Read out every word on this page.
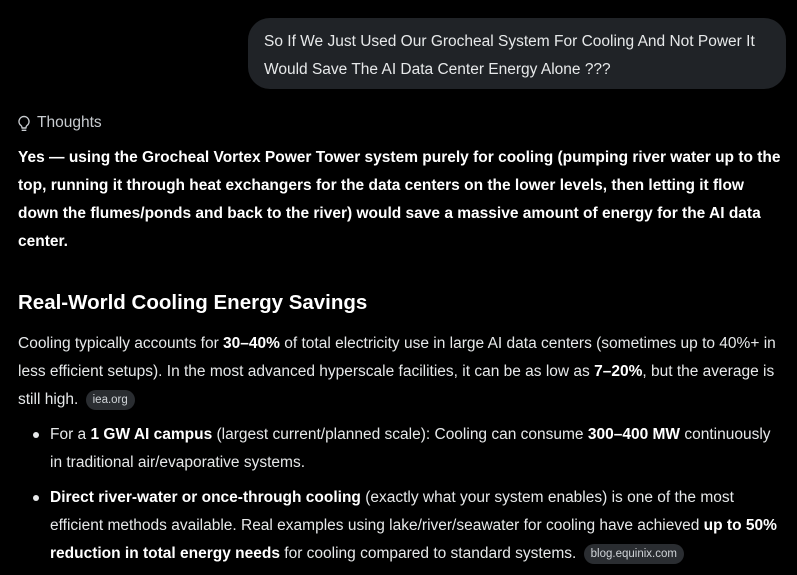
So If We Just Used Our Grocheal System For Cooling And Not Power It Would Save The AI Data Center Energy Alone ???
Thoughts

Yes — using the Grocheal Vortex Power Tower system purely for cooling (pumping river water up to the top, running it through heat exchangers for the data centers on the lower levels, then letting it flow down the flumes/ponds and back to the river) would save a massive amount of energy for the AI data center.

Real-World Cooling Energy Savings

Cooling typically accounts for 30–40% of total electricity use in large AI data centers (sometimes up to 40%+ in less efficient setups). In the most advanced hyperscale facilities, it can be as low as 7–20%, but the average is still high. iea.org

For a 1 GW AI campus (largest current/planned scale): Cooling can consume 300–400 MW continuously in traditional air/evaporative systems.
Direct river-water or once-through cooling (exactly what your system enables) is one of the most efficient methods available. Real examples using lake/river/seawater for cooling have achieved up to 50% reduction in total energy needs for cooling compared to standard systems. blog.equinix.com
